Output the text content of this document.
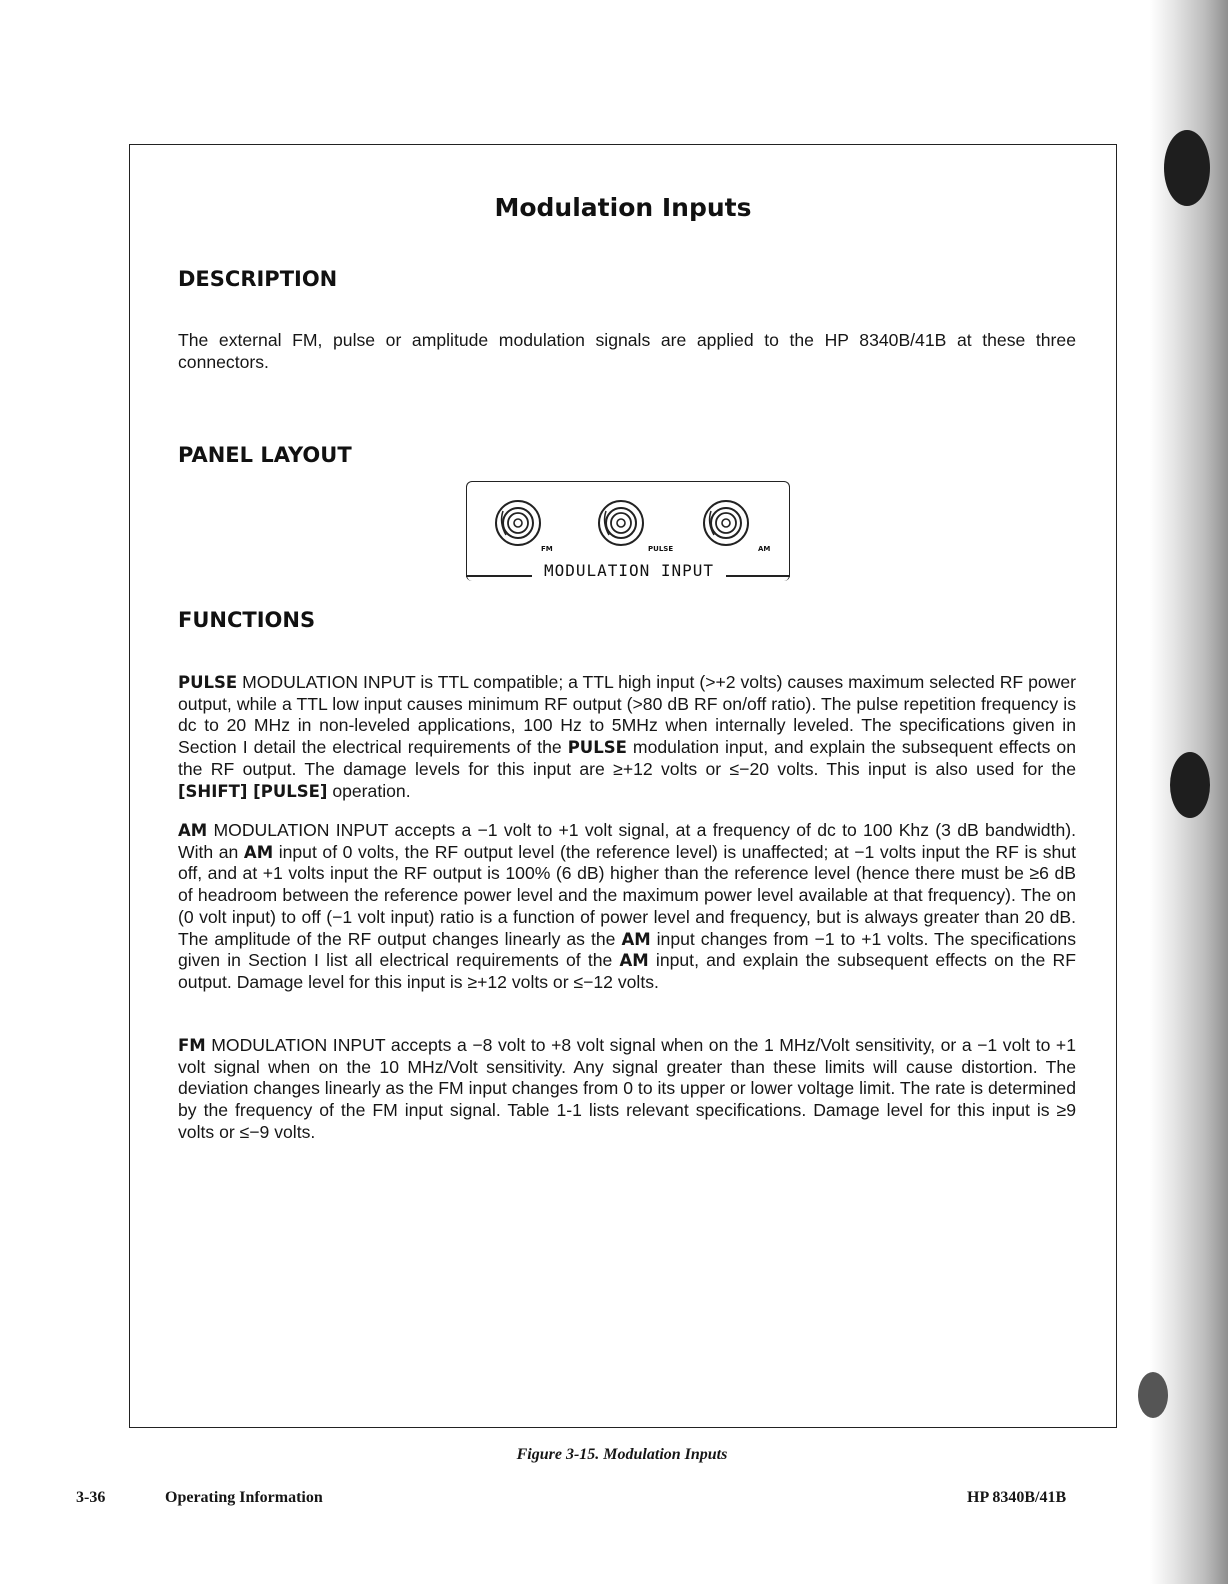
Modulation Inputs
DESCRIPTION

The external FM, pulse or amplitude modulation signals are applied to the HP 8340B/41B at these three connectors.

PANEL LAYOUT
FUNCTIONS

PULSE MODULATION INPUT is TTL compatible; a TTL high input (>+2 volts) causes maximum selected RF power output, while a TTL low input causes minimum RF output (>80 dB RF on/off ratio). The pulse repetition frequency is dc to 20 MHz in non-leveled applications, 100 Hz to 5MHz when internally leveled. The specifications given in Section I detail the electrical requirements of the PULSE modulation input, and explain the subsequent effects on the RF output. The damage levels for this input are ≥+12 volts or ≤−20 volts. This input is also used for the [SHIFT] [PULSE] operation.

AM MODULATION INPUT accepts a −1 volt to +1 volt signal, at a frequency of dc to 100 Khz (3 dB bandwidth). With an AM input of 0 volts, the RF output level (the reference level) is unaffected; at −1 volts input the RF is shut off, and at +1 volts input the RF output is 100% (6 dB) higher than the reference level (hence there must be ≥6 dB of headroom between the reference power level and the maximum power level available at that frequency). The on (0 volt input) to off (−1 volt input) ratio is a function of power level and frequency, but is always greater than 20 dB. The amplitude of the RF output changes linearly as the AM input changes from −1 to +1 volts. The specifications given in Section I list all electrical requirements of the AM input, and explain the subsequent effects on the RF output. Damage level for this input is ≥+12 volts or ≤−12 volts.

FM MODULATION INPUT accepts a −8 volt to +8 volt signal when on the 1 MHz/Volt sensitivity, or a −1 volt to +1 volt signal when on the 10 MHz/Volt sensitivity. Any signal greater than these limits will cause distortion. The deviation changes linearly as the FM input changes from 0 to its upper or lower voltage limit. The rate is determined by the frequency of the FM input signal. Table 1-1 lists relevant specifications. Damage level for this input is ≥9 volts or ≤−9 volts.

MODULATION INPUT
FM	PULSE	AM
Figure 3-15. Modulation Inputs
3-36	Operating Information	HP 8340B/41B
